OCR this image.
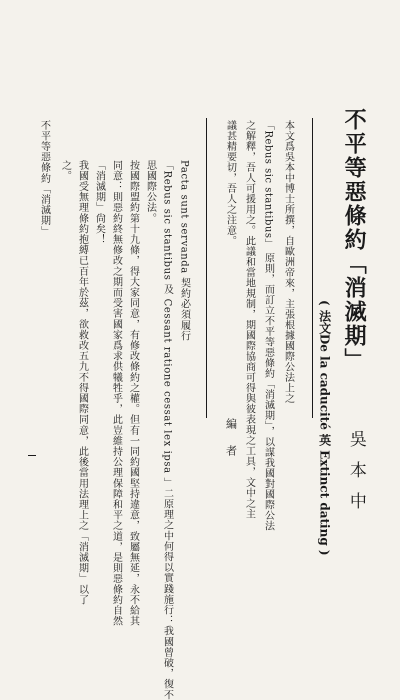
不平等惡條約「消滅期」
( 法文De la caducité 英 Extinct dating ) 吳本中
本文爲吳本中博士所撰，自歐洲帝來，主張根據國際公法上之
「Rebus sic stantibus」 原則，而訂立不平等惡條約「消滅期」，以謀我國對國際公法
之解釋，吾人可援用之。此議和當地規制，期國際協商可得與彼表現之工具，文中之主
議甚精要切，吾人之注意。
編者
Pacta sunt servanda 契約必須履行
「Rebus sic stantibus 及 Cessant ratione cessat lex ipsa 」二原理之中何得以實踐施行：我國曾破，復不
思國際公法。
按國際盟約第十九條，得大家同意，有修改條約之權。但有一同約國堅持違意，致屬無延，永不給其
同意：則惡約終無修改之期而受害國家爲求供犧牲乎，此豈維持公理保障和平之道，是則惡條約自然
「消滅期」尙矣！
我國受無理條約抱縛已百年於茲，欲救改五九不得國際同意，此後當用法理上之「消滅期」以了
之。
不平等惡條約「消滅期」
